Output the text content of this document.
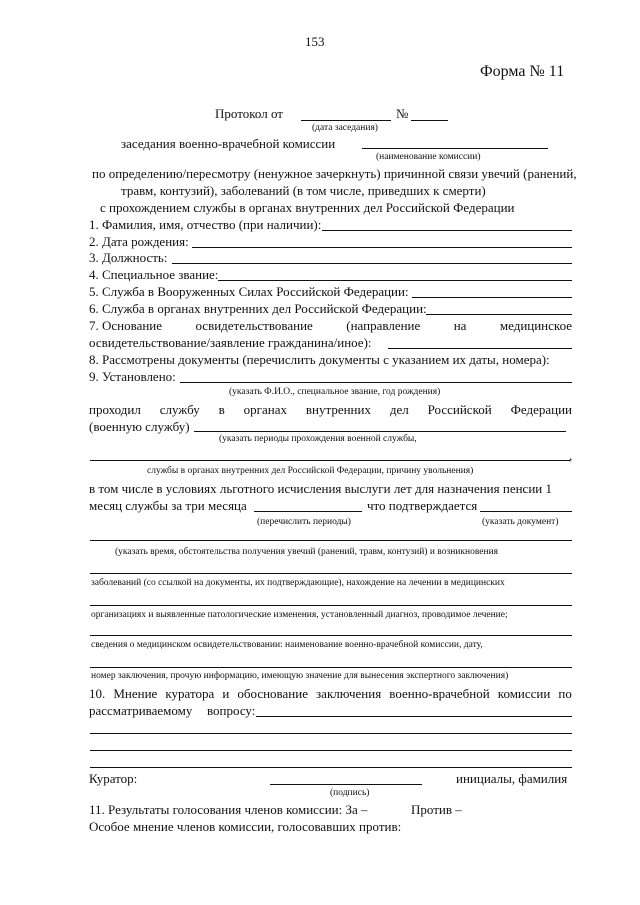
153
Форма № 11
Протокол от	№
(дата заседания)
заседания военно-врачебной комиссии
(наименование комиссии)
по определению/пересмотру (ненужное зачеркнуть) причинной связи увечий (ранений,
травм, контузий), заболеваний (в том числе, приведших к смерти)
с прохождением службы в органах внутренних дел Российской Федерации
1. Фамилия, имя, отчество (при наличии):
2. Дата рождения:
3. Должность:
4. Специальное звание:
5. Служба в Вооруженных Силах Российской Федерации:
6. Служба в органах внутренних дел Российской Федерации:
7. Основание	освидетельствование	(направление	на	медицинское
освидетельствование/заявление гражданина/иное):
8. Рассмотрены документы (перечислить документы с указанием их даты, номера):
9. Установлено:
(указать Ф.И.О., специальное звание, год рождения)
проходил службу в органах внутренних дел Российской Федерации
(военную службу)
(указать периоды прохождения военной службы,
,
службы в органах внутренних дел Российской Федерации, причину увольнения)
в том числе в условиях льготного исчисления выслуги лет для назначения пенсии 1
месяц службы за три месяца	что подтверждается
(перечислить периоды)	(указать документ)
(указать время, обстоятельства получения увечий (ранений, травм, контузий) и возникновения
заболеваний (со ссылкой на документы, их подтверждающие), нахождение на лечении в медицинских
организациях и выявленные патологические изменения, установленный диагноз, проводимое лечение;
сведения о медицинском освидетельствовании: наименование военно-врачебной комиссии, дату,
номер заключения, прочую информацию, имеющую значение для вынесения экспертного заключения)
10. Мнение куратора и обоснование заключения военно-врачебной комиссии по
рассматриваемому вопросу:
Куратор:	инициалы, фамилия
(подпись)
11. Результаты голосования членов комиссии: За –	Против –
Особое мнение членов комиссии, голосовавших против:
